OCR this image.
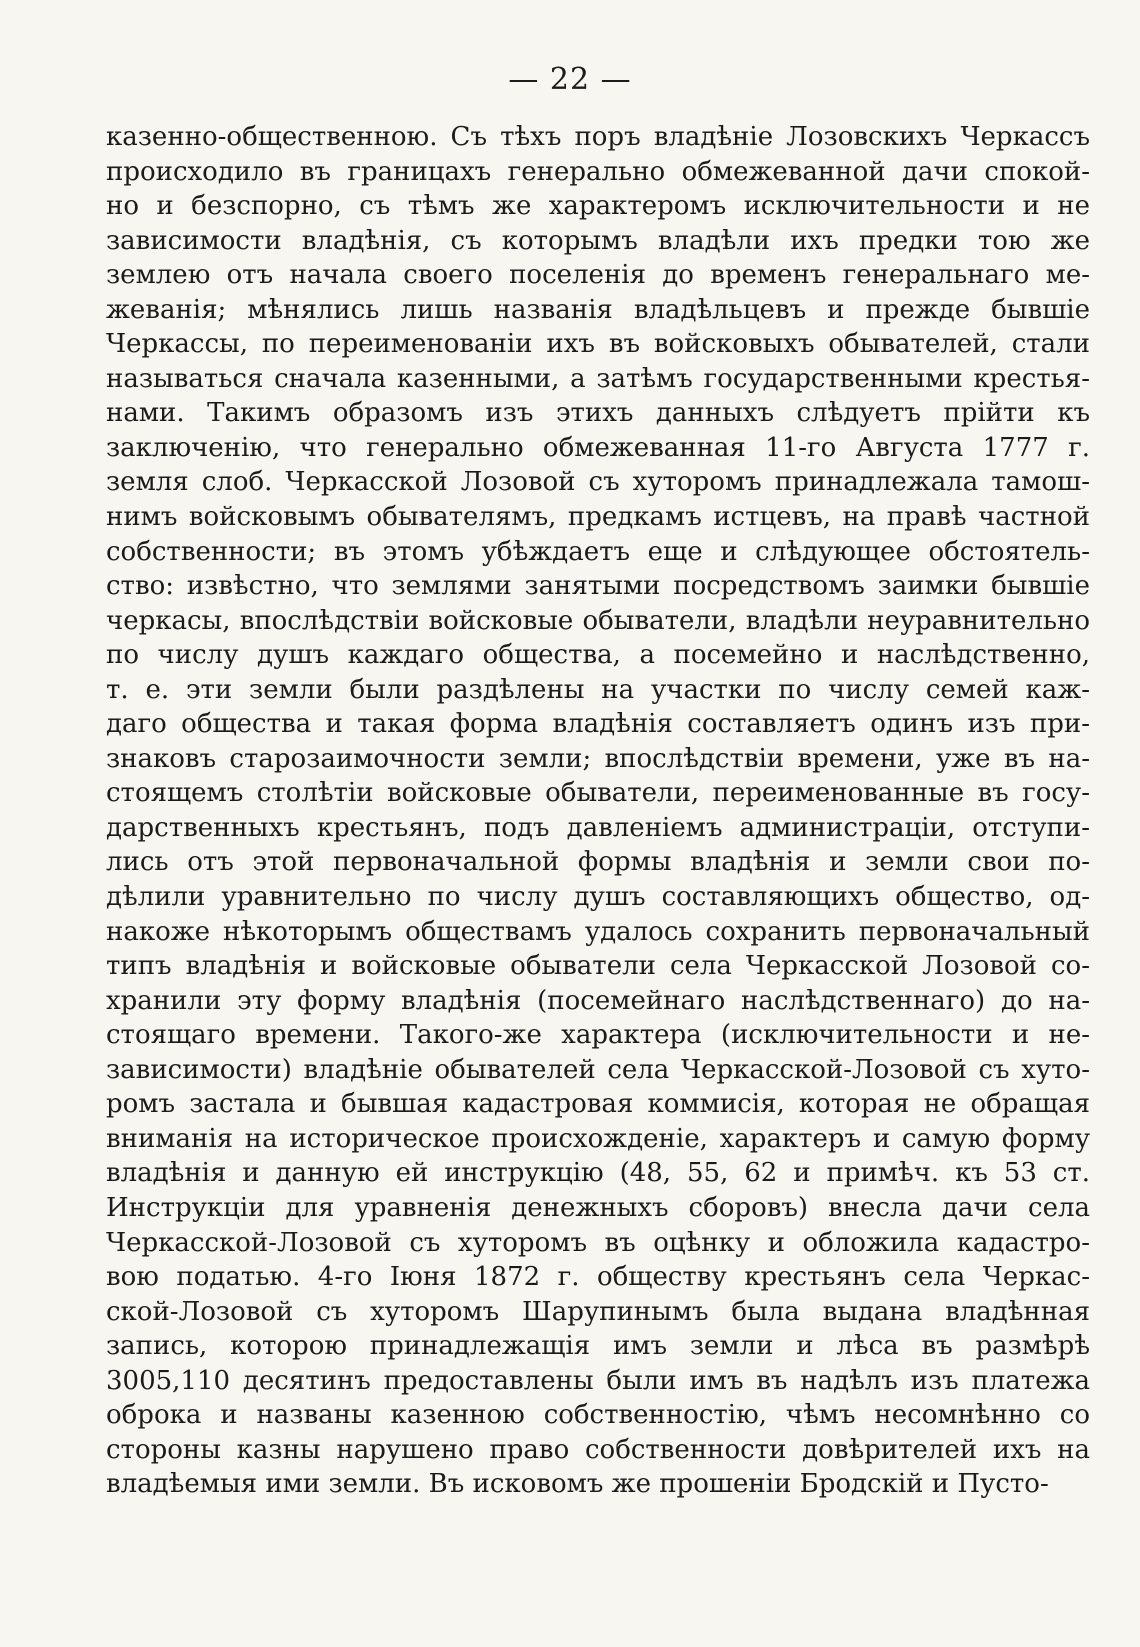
— 22 —
казенно-общественною. Съ тѣхъ поръ владѣніе Лозовскихъ Черкассъ
происходило въ границахъ генерально обмежеванной дачи спокой-
но и безспорно, съ тѣмъ же характеромъ исключительности и не
зависимости владѣнія, съ которымъ владѣли ихъ предки тою же
землею отъ начала своего поселенія до временъ генеральнаго ме-
жеванія; мѣнялись лишь названія владѣльцевъ и прежде бывшіе
Черкассы, по переименованіи ихъ въ войсковыхъ обывателей, стали
называться сначала казенными, а затѣмъ государственными крестья-
нами. Такимъ образомъ изъ этихъ данныхъ слѣдуетъ прійти къ
заключенію, что генерально обмежеванная 11-го Августа 1777 г.
земля слоб. Черкасской Лозовой съ хуторомъ принадлежала тамош-
нимъ войсковымъ обывателямъ, предкамъ истцевъ, на правѣ частной
собственности; въ этомъ убѣждаетъ еще и слѣдующее обстоятель-
ство: извѣстно, что землями занятыми посредствомъ заимки бывшіе
черкасы, впослѣдствіи войсковые обыватели, владѣли неуравнительно
по числу душъ каждаго общества, а посемейно и наслѣдственно,
т. е. эти земли были раздѣлены на участки по числу семей каж-
даго общества и такая форма владѣнія составляетъ одинъ изъ при-
знаковъ старозаимочности земли; впослѣдствіи времени, уже въ на-
стоящемъ столѣтіи войсковые обыватели, переименованные въ госу-
дарственныхъ крестьянъ, подъ давленіемъ администраціи, отступи-
лись отъ этой первоначальной формы владѣнія и земли свои по-
дѣлили уравнительно по числу душъ составляющихъ общество, од-
накоже нѣкоторымъ обществамъ удалось сохранить первоначальный
типъ владѣнія и войсковые обыватели села Черкасской Лозовой со-
хранили эту форму владѣнія (посемейнаго наслѣдственнаго) до на-
стоящаго времени. Такого-же характера (исключительности и не-
зависимости) владѣніе обывателей села Черкасской-Лозовой съ хуто-
ромъ застала и бывшая кадастровая коммисія, которая не обращая
вниманія на историческое происхожденіе, характеръ и самую форму
владѣнія и данную ей инструкцію (48, 55, 62 и примѣч. къ 53 ст.
Инструкціи для уравненія денежныхъ сборовъ) внесла дачи села
Черкасской-Лозовой съ хуторомъ въ оцѣнку и обложила кадастро-
вою податью. 4-го Іюня 1872 г. обществу крестьянъ села Черкас-
ской-Лозовой съ хуторомъ Шарупинымъ была выдана владѣнная
запись, которою принадлежащія имъ земли и лѣса въ размѣрѣ
3005,110 десятинъ предоставлены были имъ въ надѣлъ изъ платежа
оброка и названы казенною собственностію, чѣмъ несомнѣнно со
стороны казны нарушено право собственности довѣрителей ихъ на
владѣемыя ими земли. Въ исковомъ же прошеніи Бродскій и Пусто-
